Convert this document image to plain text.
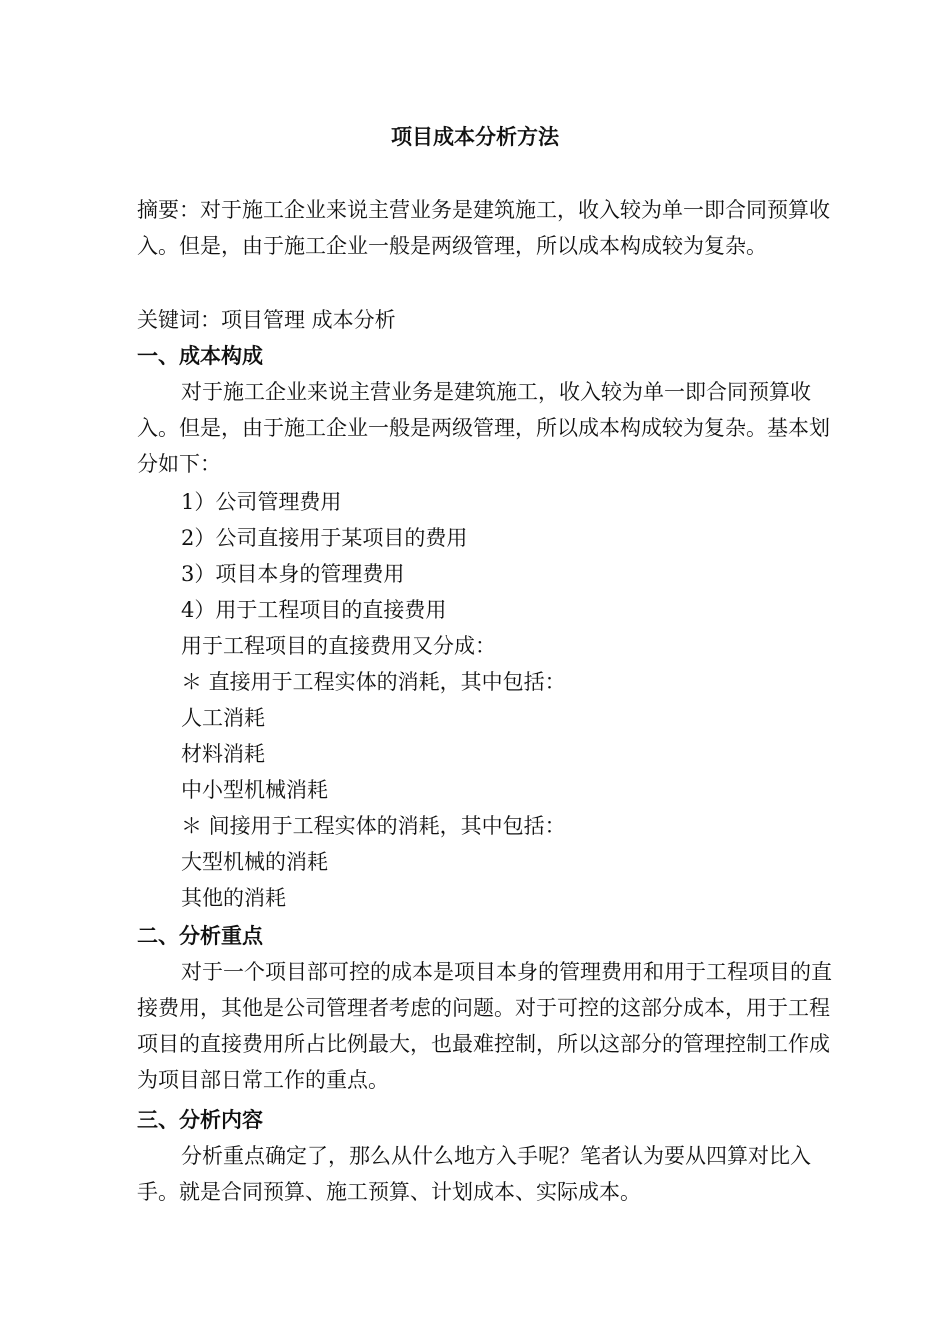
项目成本分析方法

摘要：对于施工企业来说主营业务是建筑施工，收入较为单一即合同预算收入。但是，由于施工企业一般是两级管理，所以成本构成较为复杂。

关键词：项目管理 成本分析

一、成本构成

对于施工企业来说主营业务是建筑施工，收入较为单一即合同预算收入。但是，由于施工企业一般是两级管理，所以成本构成较为复杂。基本划分如下：

1）公司管理费用

2）公司直接用于某项目的费用

3）项目本身的管理费用

4）用于工程项目的直接费用

用于工程项目的直接费用又分成：

＊ 直接用于工程实体的消耗，其中包括：

人工消耗

材料消耗

中小型机械消耗

＊ 间接用于工程实体的消耗，其中包括：

大型机械的消耗

其他的消耗

二、分析重点

对于一个项目部可控的成本是项目本身的管理费用和用于工程项目的直接费用，其他是公司管理者考虑的问题。对于可控的这部分成本，用于工程项目的直接费用所占比例最大，也最难控制，所以这部分的管理控制工作成为项目部日常工作的重点。

三、分析内容

分析重点确定了，那么从什么地方入手呢？笔者认为要从四算对比入手。就是合同预算、施工预算、计划成本、实际成本。
